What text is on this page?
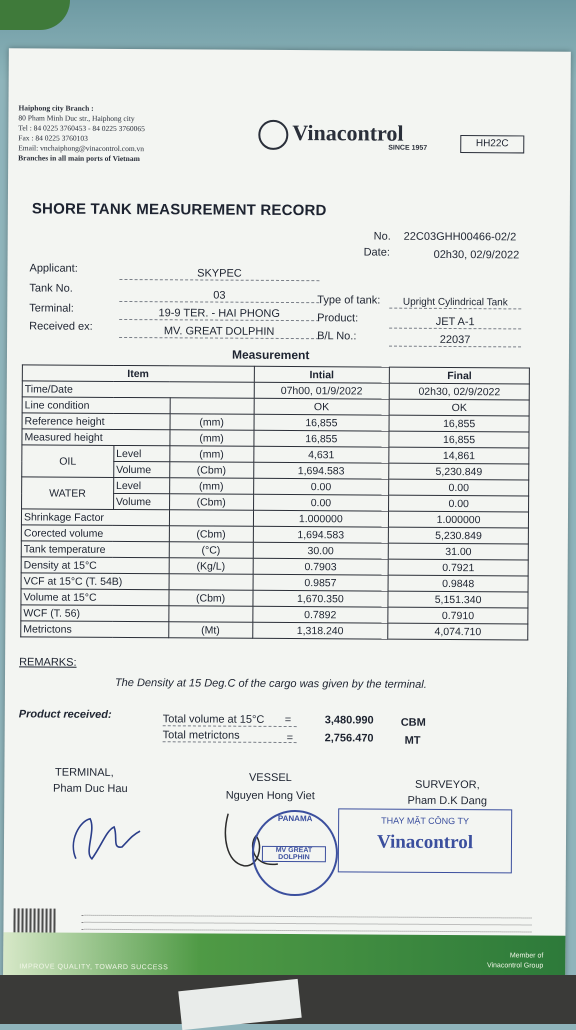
Haiphong city Branch :
80 Pham Minh Duc str., Haiphong city
Tel : 84 0225 3760453 - 84 0225 3760065
Fax : 84 0225 3760103
Email: vnchaiphong@vinacontrol.com.vn
Branches in all main ports of Vietnam
Vinacontrol
SINCE 1957	HH22C
SHORE TANK MEASUREMENT RECORD
No. 22C03GHH00466-02/2
Date:	02h30, 02/9/2022
Applicant:	SKYPEC
Tank No.
03
Terminal:	19-9 TER. - HAI PHONG
Received ex:	MV. GREAT DOLPHIN
Type of tank:	Upright Cylindrical Tank
Product:	JET A-1
B/L No.:	22037
Measurement
Item			Intial	Final
Time/Date			07h00, 01/9/2022	02h30, 02/9/2022
Line condition			OK	OK
Reference height		(mm)	16,855	16,855
Measured height		(mm)	16,855	16,855
OIL	Level	(mm)	4,631	14,861
	Volume	(Cbm)	1,694.583	5,230.849
WATER	Level	(mm)	0.00	0.00
	Volume	(Cbm)	0.00	0.00
Shrinkage Factor			1.000000	1.000000
Corected volume		(Cbm)	1,694.583	5,230.849
Tank temperature		(°C)	30.00	31.00
Density at 15°C		(Kg/L)	0.7903	0.7921
VCF at 15°C (T. 54B)			0.9857	0.9848
Volume at 15°C		(Cbm)	1,670.350	5,151.340
WCF (T. 56)			0.7892	0.7910
Metrictons		(Mt)	1,318.240	4,074.710
REMARKS:
The Density at 15 Deg.C of the cargo was given by the terminal.
Product received:	Total volume at 15°C	=	3,480.990 CBM
Total metrictons	=	2,756.470	MT
TERMINAL,
Pham Duc Hau
VESSEL
Nguyen Hong Viet
SURVEYOR,
Pham D.K Dang
PANAMA
MV GREAT DOLPHIN
THAY MẶT CÔNG TY
Vinacontrol
IMPROVE QUALITY, TOWARD SUCCESS
Member of
Vinacontrol Group
